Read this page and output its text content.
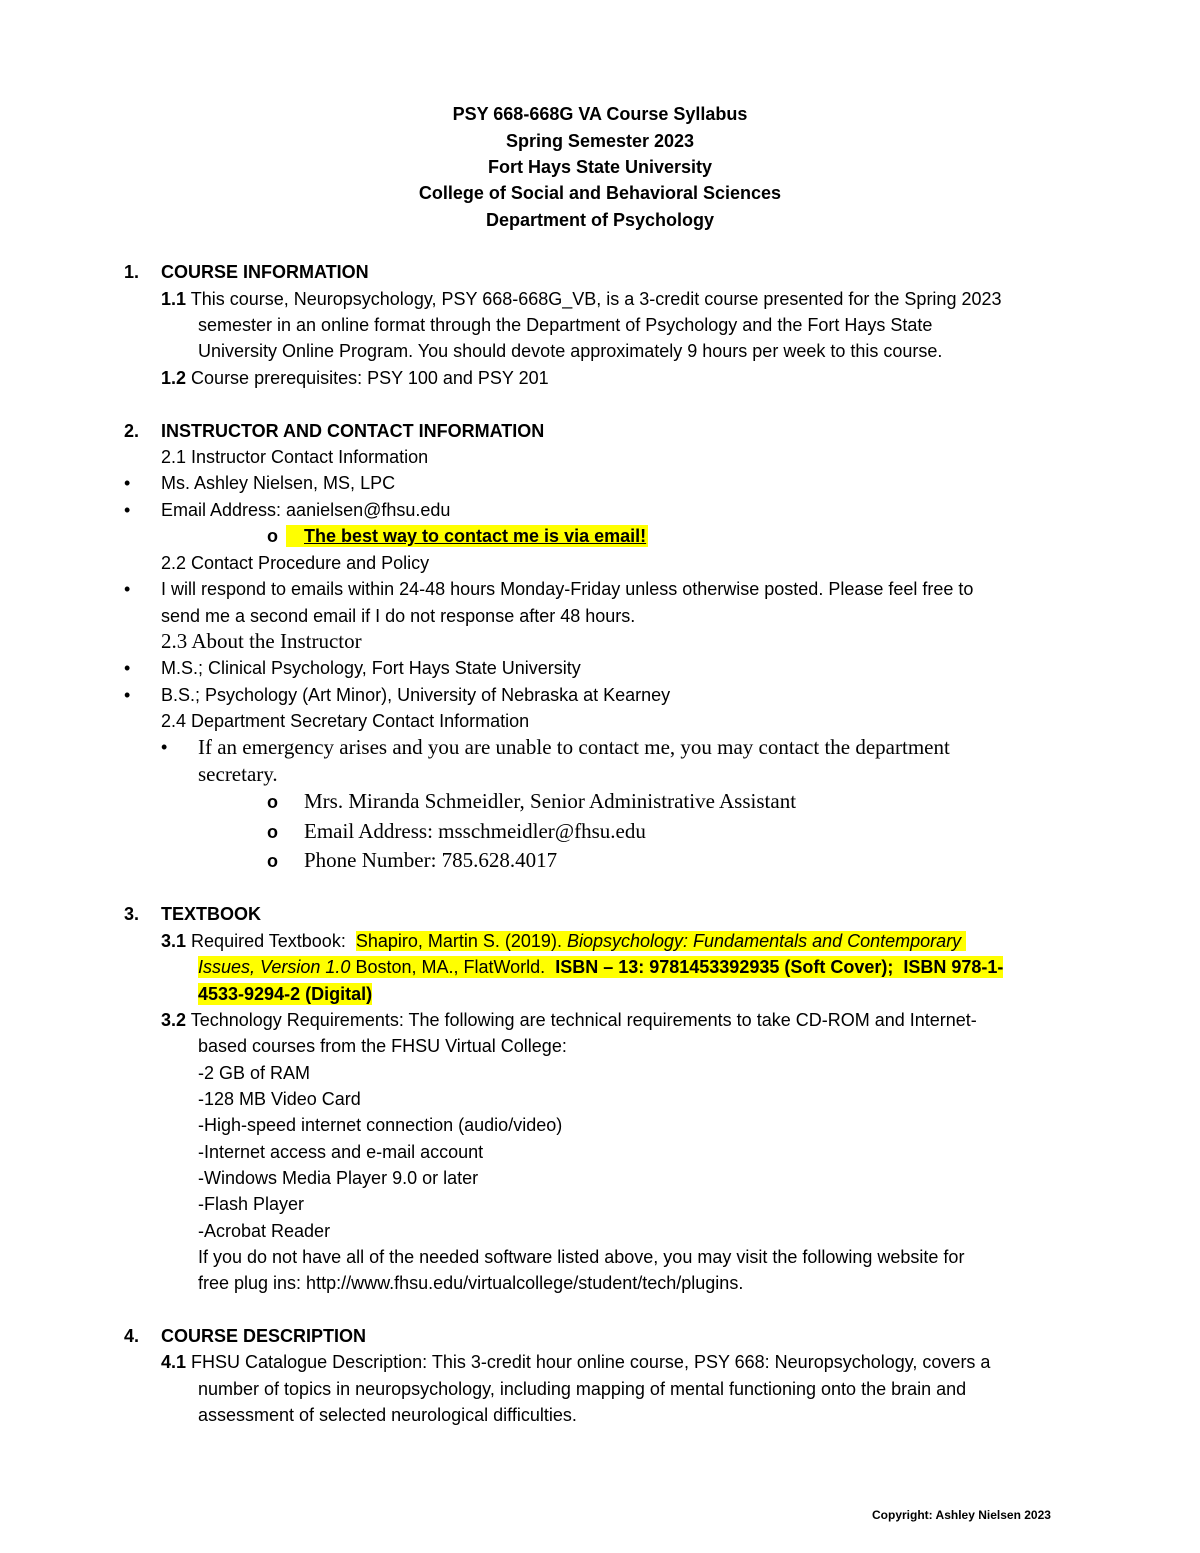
PSY 668-668G VA Course Syllabus
Spring Semester 2023
Fort Hays State University
College of Social and Behavioral Sciences
Department of Psychology
1. COURSE INFORMATION
1.1 This course, Neuropsychology, PSY 668-668G_VB, is a 3-credit course presented for the Spring 2023
semester in an online format through the Department of Psychology and the Fort Hays State
University Online Program. You should devote approximately 9 hours per week to this course.
1.2 Course prerequisites: PSY 100 and PSY 201
2. INSTRUCTOR AND CONTACT INFORMATION
2.1 Instructor Contact Information
• Ms. Ashley Nielsen, MS, LPC
• Email Address: aanielsen@fhsu.edu
o	The best way to contact me is via email!
2.2 Contact Procedure and Policy
• I will respond to emails within 24-48 hours Monday-Friday unless otherwise posted. Please feel free to
send me a second email if I do not response after 48 hours.
2.3 About the Instructor
• M.S.; Clinical Psychology, Fort Hays State University
• B.S.; Psychology (Art Minor), University of Nebraska at Kearney
2.4 Department Secretary Contact Information
• If an emergency arises and you are unable to contact me, you may contact the department
secretary.
o Mrs. Miranda Schmeidler, Senior Administrative Assistant
o Email Address: msschmeidler@fhsu.edu
o Phone Number: 785.628.4017
3. TEXTBOOK
3.1 Required Textbook: Shapiro, Martin S. (2019). Biopsychology: Fundamentals and Contemporary
Issues, Version 1.0 Boston, MA., FlatWorld. ISBN – 13: 9781453392935 (Soft Cover); ISBN 978-1-
4533-9294-2 (Digital)
3.2 Technology Requirements: The following are technical requirements to take CD-ROM and Internet-
based courses from the FHSU Virtual College:
-2 GB of RAM
-128 MB Video Card
-High-speed internet connection (audio/video)
-Internet access and e-mail account
-Windows Media Player 9.0 or later
-Flash Player
-Acrobat Reader
If you do not have all of the needed software listed above, you may visit the following website for
free plug ins: http://www.fhsu.edu/virtualcollege/student/tech/plugins.
4. COURSE DESCRIPTION
4.1 FHSU Catalogue Description: This 3-credit hour online course, PSY 668: Neuropsychology, covers a
number of topics in neuropsychology, including mapping of mental functioning onto the brain and
assessment of selected neurological difficulties.
Copyright: Ashley Nielsen 2023
